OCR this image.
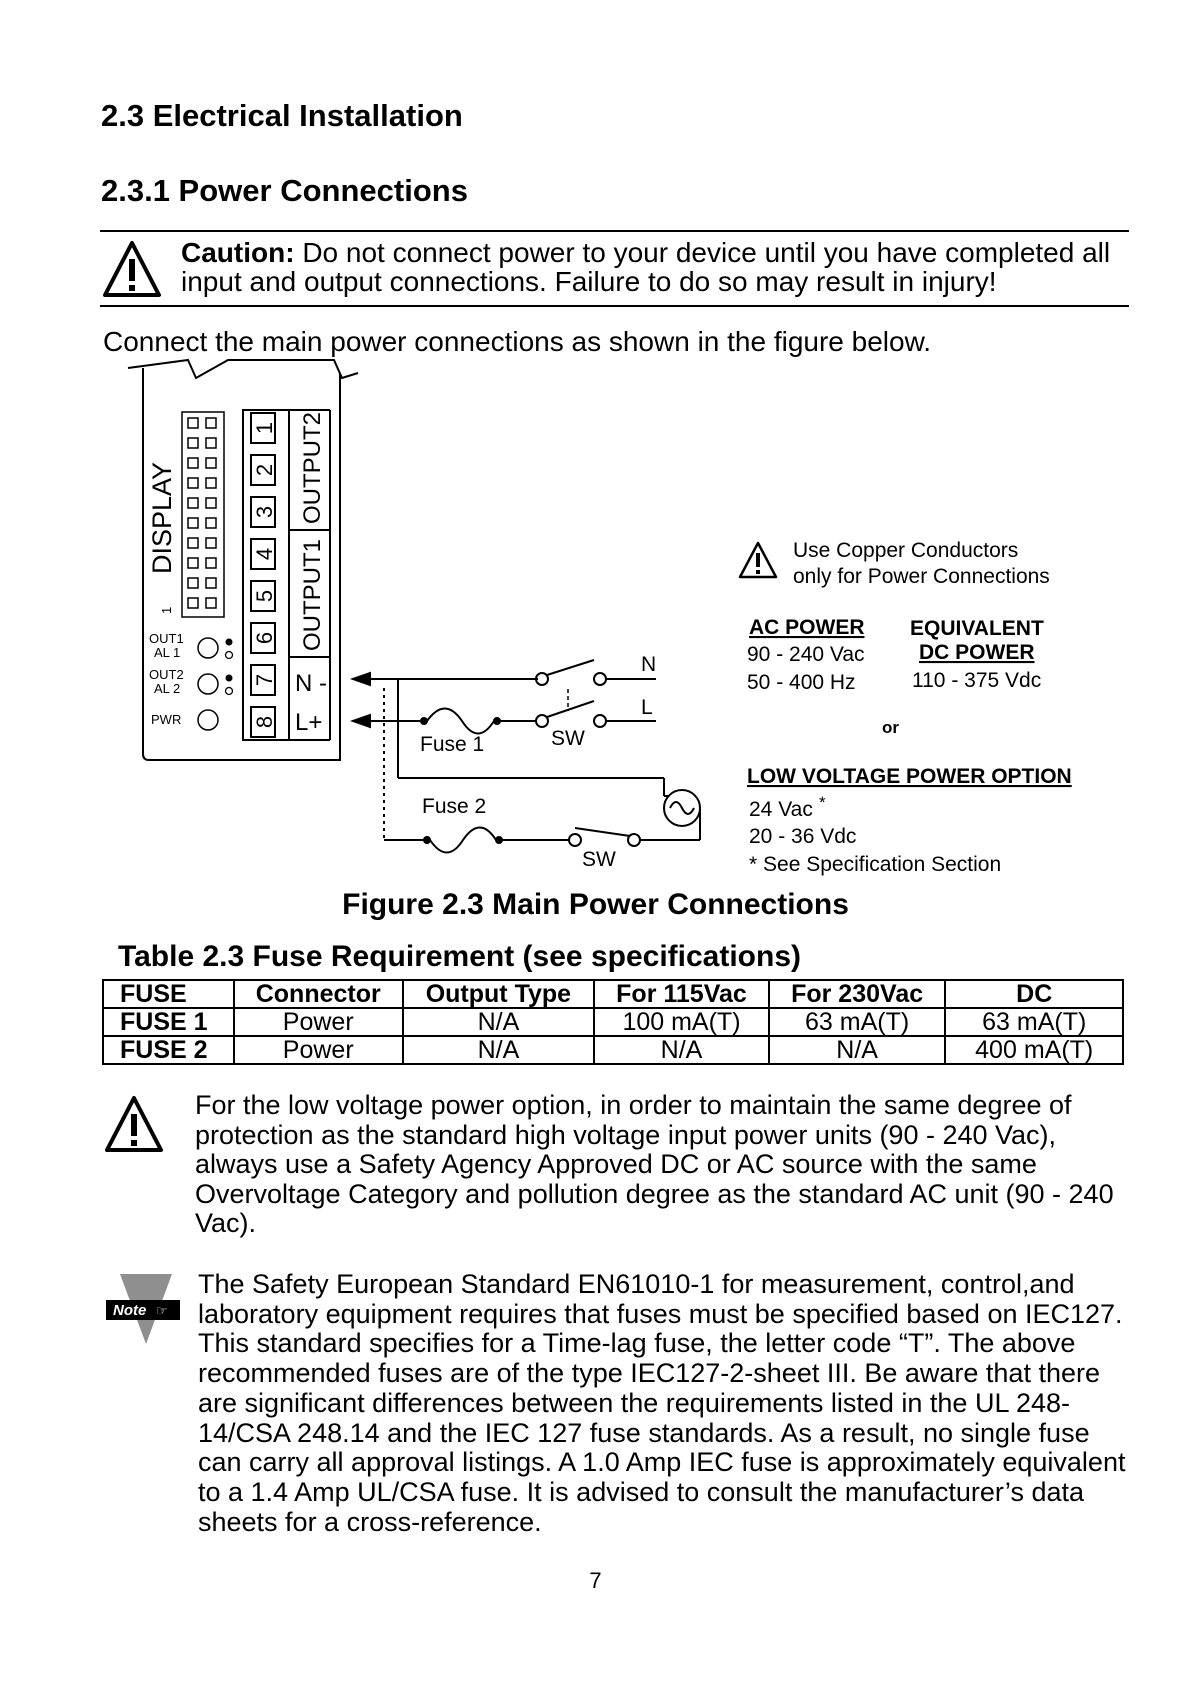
2.3 Electrical Installation
2.3.1 Power Connections
Caution: Do not connect power to your device until you have completed all input and output connections. Failure to do so may result in injury!
Connect the main power connections as shown in the figure below.
DISPLAY
1
1
2
3
4
5
6
7
8
OUTPUT2
OUTPUT1
N -
L+
OUT1
AL 1
OUT2
AL 2
PWR
N
L
Fuse 1	SW
Fuse 2
SW
Use Copper Conductors
only for Power Connections
AC POWER
90 - 240 Vac
50 - 400 Hz
EQUIVALENT
DC POWER
110 - 375 Vdc
or
LOW VOLTAGE POWER OPTION
24 Vac *
20 - 36 Vdc
* See Specification Section
Figure 2.3 Main Power Connections
Table 2.3 Fuse Requirement (see specifications)
FUSE	Connector	Output Type	For 115Vac	For 230Vac	DC
FUSE 1	Power	N/A	100 mA(T)	63 mA(T)	63 mA(T)
FUSE 2	Power	N/A	N/A	N/A	400 mA(T)
For the low voltage power option, in order to maintain the same degree of protection as the standard high voltage input power units (90 - 240 Vac), always use a Safety Agency Approved DC or AC source with the same Overvoltage Category and pollution degree as the standard AC unit (90 - 240 Vac).
Note ☞
The Safety European Standard EN61010-1 for measurement, control,and laboratory equipment requires that fuses must be specified based on IEC127. This standard specifies for a Time-lag fuse, the letter code “T”. The above recommended fuses are of the type IEC127-2-sheet III. Be aware that there are significant differences between the requirements listed in the UL 248-14/CSA 248.14 and the IEC 127 fuse standards. As a result, no single fuse can carry all approval listings. A 1.0 Amp IEC fuse is approximately equivalent to a 1.4 Amp UL/CSA fuse. It is advised to consult the manufacturer’s data sheets for a cross-reference.
7
